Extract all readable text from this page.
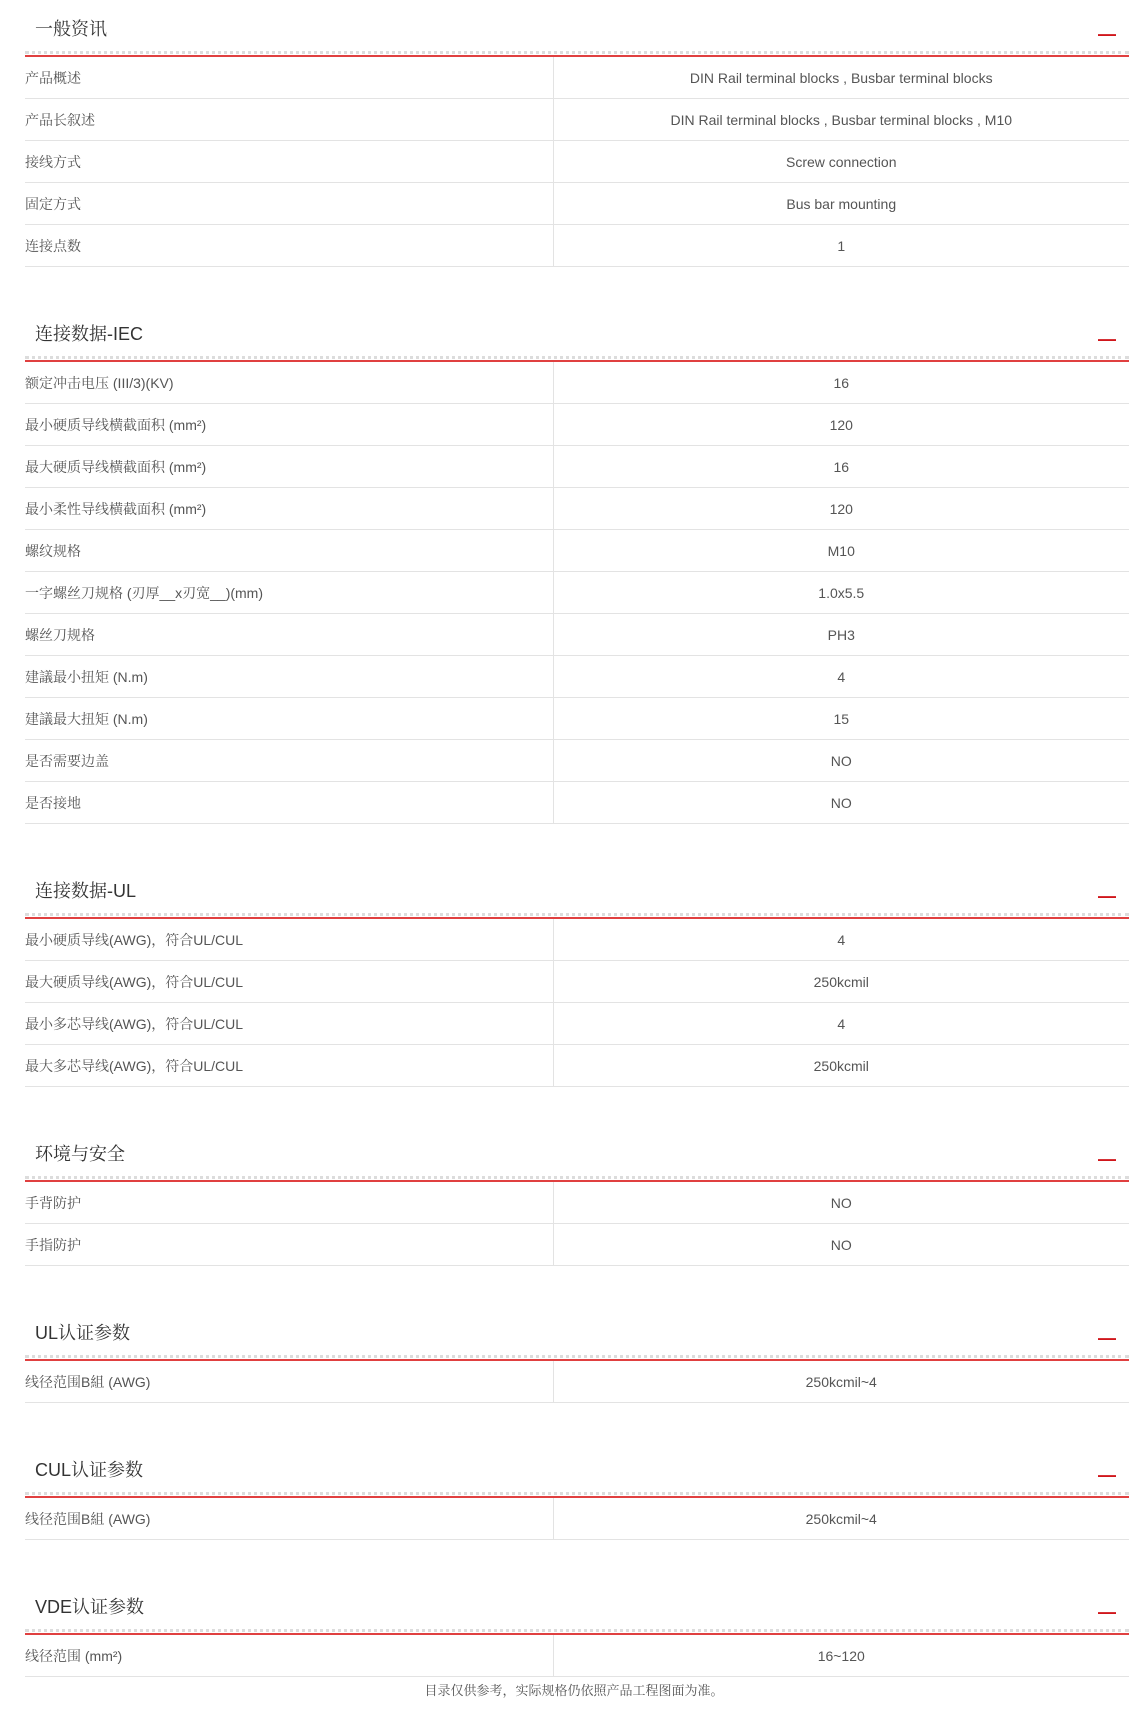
一般资讯	—
产品概述	DIN Rail terminal blocks , Busbar terminal blocks
产品长叙述	DIN Rail terminal blocks , Busbar terminal blocks , M10
接线方式	Screw connection
固定方式	Bus bar mounting
连接点数	1
连接数据-IEC	—
额定冲击电压 (III/3)(KV)	16
最小硬质导线横截面积 (mm²)	120
最大硬质导线横截面积 (mm²)	16
最小柔性导线横截面积 (mm²)	120
螺纹规格	M10
一字螺丝刀规格 (刃厚__x刃宽__)(mm)	1.0x5.5
螺丝刀规格	PH3
建議最小扭矩 (N.m)	4
建議最大扭矩 (N.m)	15
是否需要边盖	NO
是否接地	NO
连接数据-UL	—
最小硬质导线(AWG)，符合UL/CUL	4
最大硬质导线(AWG)，符合UL/CUL	250kcmil
最小多芯导线(AWG)，符合UL/CUL	4
最大多芯导线(AWG)，符合UL/CUL	250kcmil
环境与安全	—
手背防护	NO
手指防护	NO
UL认证参数	—
线径范围B組 (AWG)	250kcmil~4
CUL认证参数	—
线径范围B組 (AWG)	250kcmil~4
VDE认证参数	—
线径范围 (mm²)	16~120
目录仅供参考，实际规格仍依照产品工程图面为准。
